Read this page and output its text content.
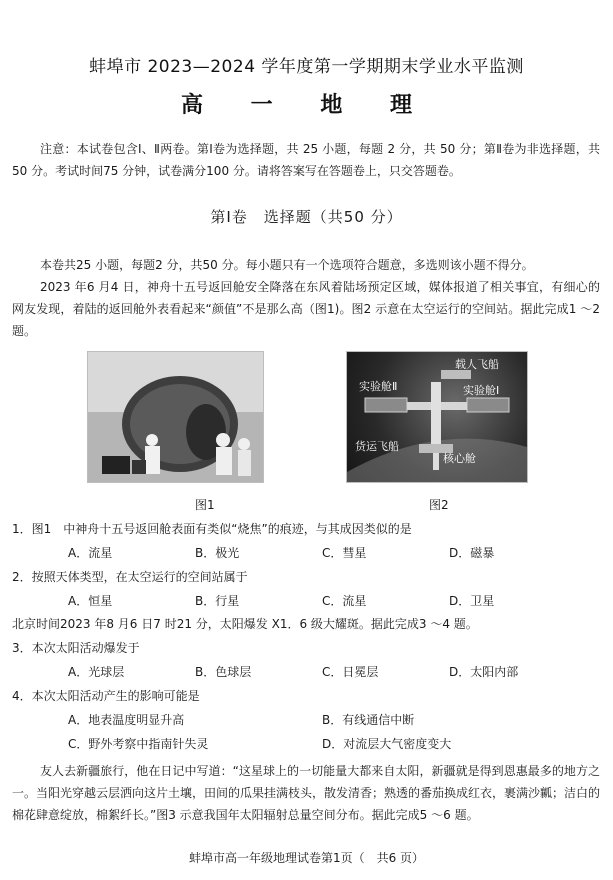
蚌埠市 2023—2024 学年度第一学期期末学业水平监测
高 一 地 理
注意：本试卷包含Ⅰ、Ⅱ两卷。第Ⅰ卷为选择题，共 25 小题，每题 2 分，共 50 分；第Ⅱ卷为非选择题，共50 分。考试时间75 分钟，试卷满分100 分。请将答案写在答题卷上，只交答题卷。
第Ⅰ卷　选择题（共50 分）
本卷共25 小题，每题2 分，共50 分。每小题只有一个选项符合题意，多选则该小题不得分。
2023 年6 月4 日，神舟十五号返回舱安全降落在东风着陆场预定区域，媒体报道了相关事宜，有细心的网友发现，着陆的返回舱外表看起来“颜值”不是那么高（图1)。图2 示意在太空运行的空间站。据此完成1 ～2 题。
实验舱Ⅱ
载人飞船
实验舱Ⅰ
货运飞船
核心舱
图1	图2
1．图1　中神舟十五号返回舱表面有类似“烧焦”的痕迹，与其成因类似的是
A．流星	B．极光	C．彗星	D．磁暴
2．按照天体类型，在太空运行的空间站属于
A．恒星	B．行星	C．流星	D．卫星
北京时间2023 年8 月6 日7 时21 分，太阳爆发 X1．6 级大耀斑。据此完成3 ～4 题。
3．本次太阳活动爆发于
A．光球层	B．色球层	C．日冕层	D．太阳内部
4．本次太阳活动产生的影响可能是
A．地表温度明显升高	B．有线通信中断
C．野外考察中指南针失灵	D．对流层大气密度变大
友人去新疆旅行，他在日记中写道：“这星球上的一切能量大都来自太阳，新疆就是得到恩惠最多的地方之一。当阳光穿越云层洒向这片土壤，田间的瓜果挂满枝头，散发清香；熟透的番茄换成红衣，裹满沙瓤；洁白的棉花肆意绽放，棉絮纤长。”图3 示意我国年太阳辐射总量空间分布。据此完成5 ～6 题。
蚌埠市高一年级地理试卷第1页（　共6 页）
